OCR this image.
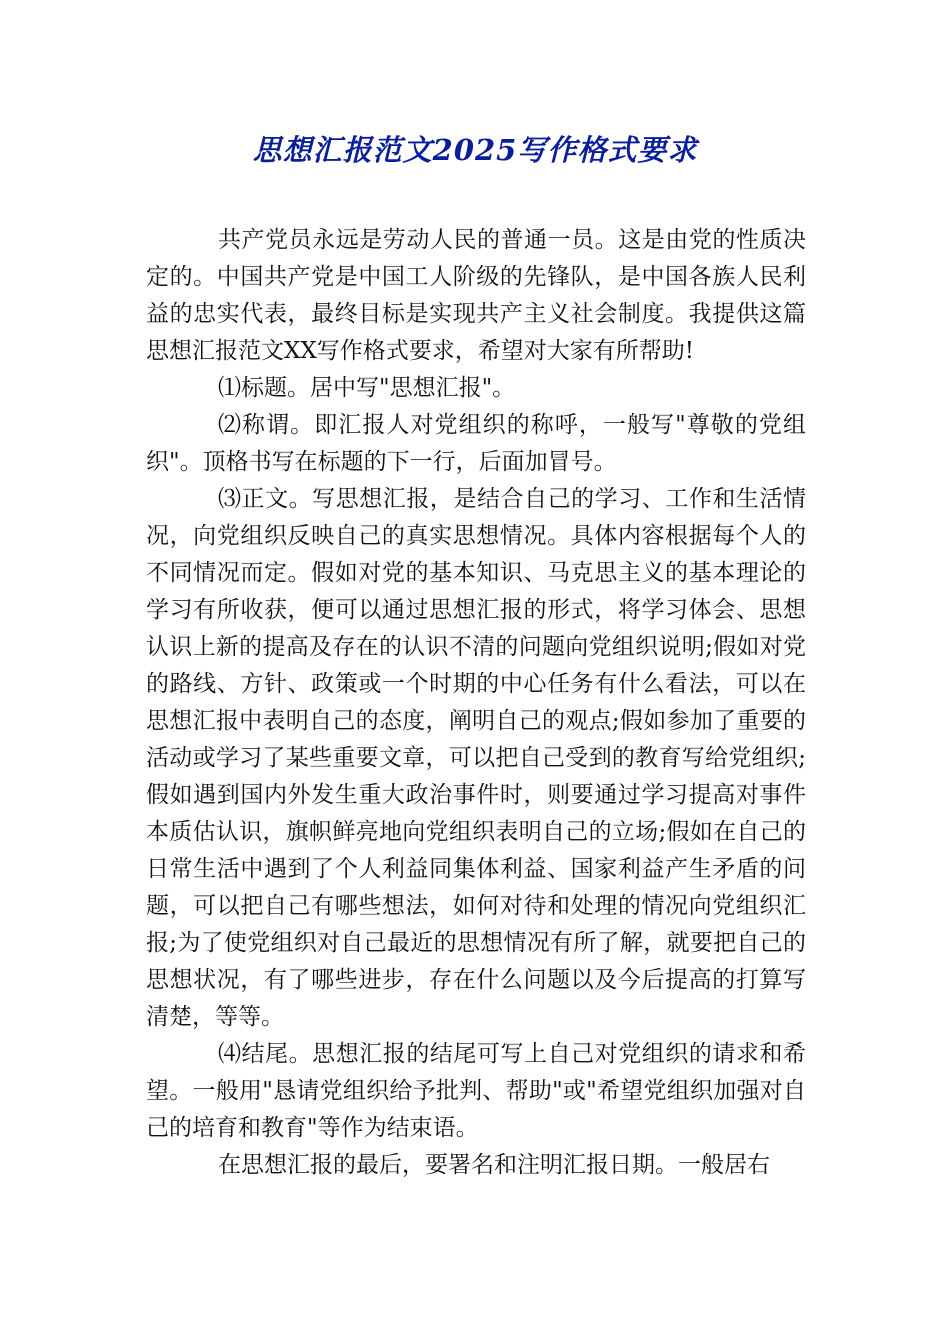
思想汇报范文2025写作格式要求

共产党员永远是劳动人民的普通一员。这是由党的性质决定的。中国共产党是中国工人阶级的先锋队，是中国各族人民利益的忠实代表，最终目标是实现共产主义社会制度。我提供这篇思想汇报范文XX写作格式要求，希望对大家有所帮助!

⑴标题。居中写"思想汇报"。

⑵称谓。即汇报人对党组织的称呼，一般写"尊敬的党组织"。顶格书写在标题的下一行，后面加冒号。

⑶正文。写思想汇报，是结合自己的学习、工作和生活情况，向党组织反映自己的真实思想情况。具体内容根据每个人的不同情况而定。假如对党的基本知识、马克思主义的基本理论的学习有所收获，便可以通过思想汇报的形式，将学习体会、思想认识上新的提高及存在的认识不清的问题向党组织说明;假如对党的路线、方针、政策或一个时期的中心任务有什么看法，可以在思想汇报中表明自己的态度，阐明自己的观点;假如参加了重要的活动或学习了某些重要文章，可以把自己受到的教育写给党组织;假如遇到国内外发生重大政治事件时，则要通过学习提高对事件本质估认识，旗帜鲜亮地向党组织表明自己的立场;假如在自己的日常生活中遇到了个人利益同集体利益、国家利益产生矛盾的问题，可以把自己有哪些想法，如何对待和处理的情况向党组织汇报;为了使党组织对自己最近的思想情况有所了解，就要把自己的思想状况，有了哪些进步，存在什么问题以及今后提高的打算写清楚，等等。

⑷结尾。思想汇报的结尾可写上自己对党组织的请求和希望。一般用"恳请党组织给予批判、帮助"或"希望党组织加强对自己的培育和教育"等作为结束语。

在思想汇报的最后，要署名和注明汇报日期。一般居右
